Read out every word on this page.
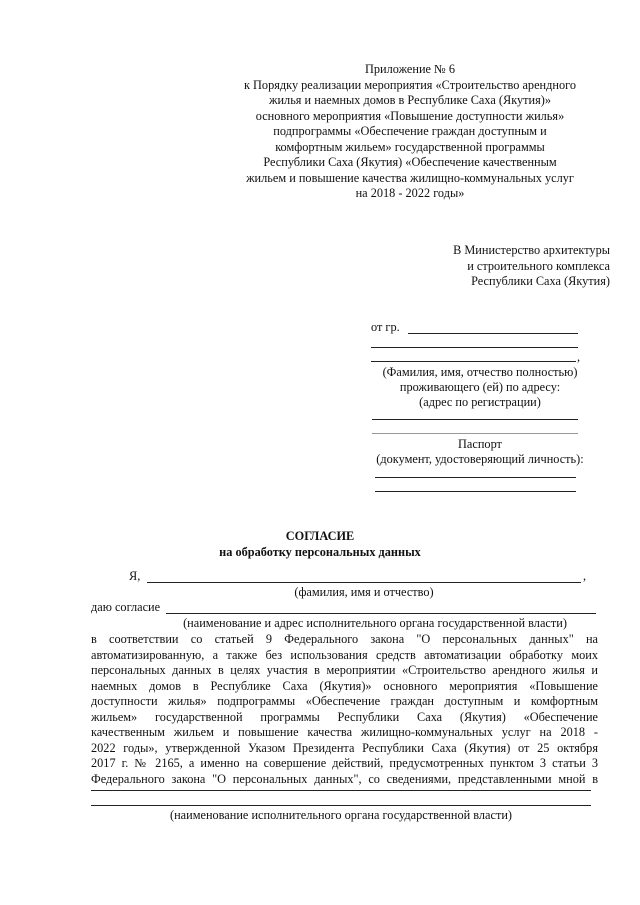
Приложение № 6
к Порядку реализации мероприятия «Строительство арендного
жилья и наемных домов в Республике Саха (Якутия)»
основного мероприятия «Повышение доступности жилья»
подпрограммы «Обеспечение граждан доступным и
комфортным жильем» государственной программы
Республики Саха (Якутия) «Обеспечение качественным
жильем и повышение качества жилищно-коммунальных услуг
на 2018 - 2022 годы»
В Министерство архитектуры
и строительного комплекса
Республики Саха (Якутия)
от гр.
,
(Фамилия, имя, отчество полностью)
проживающего (ей) по адресу:
(адрес по регистрации)
Паспорт
(документ, удостоверяющий личность):
СОГЛАСИЕ
на обработку персональных данных
Я,	,
(фамилия, имя и отчество)
даю согласие
(наименование и адрес исполнительного органа государственной власти)
в соответствии со статьей 9 Федерального закона "О персональных данных" на
автоматизированную, а также без использования средств автоматизации обработку моих
персональных данных в целях участия в мероприятии «Строительство арендного жилья и
наемных домов в Республике Саха (Якутия)» основного мероприятия «Повышение
доступности жилья» подпрограммы «Обеспечение граждан доступным и комфортным
жильем» государственной программы Республики Саха (Якутия) «Обеспечение
качественным жильем и повышение качества жилищно-коммунальных услуг на 2018 -
2022 годы», утвержденной Указом Президента Республики Саха (Якутия) от 25 октября
2017 г. № 2165, а именно на совершение действий, предусмотренных пунктом 3 статьи 3
Федерального закона "О персональных данных", со сведениями, представленными мной в
(наименование исполнительного органа государственной власти)
